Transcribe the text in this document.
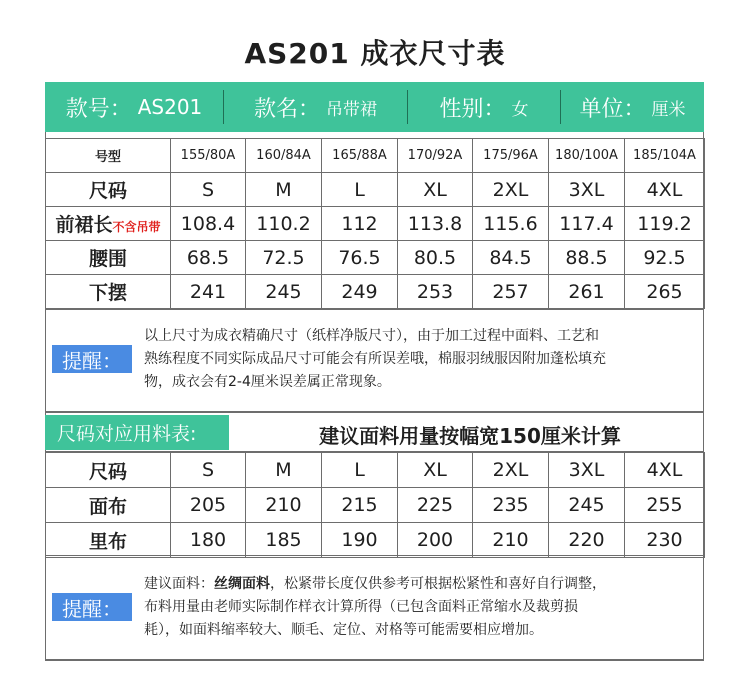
AS201 成衣尺寸表
款号： AS201 款名： 吊带裙	性别： 女 单位： 厘米
号型	155/80A	160/84A	165/88A	170/92A	175/96A	180/100A	185/104A
尺码	S	M	L	XL	2XL	3XL	4XL
前裙长不含吊带	108.4	110.2	112	113.8	115.6	117.4	119.2
腰围	68.5	72.5	76.5	80.5	84.5	88.5	92.5
下摆	241	245	249	253	257	261	265
提醒：
以上尺寸为成衣精确尺寸（纸样净版尺寸），由于加工过程中面料、工艺和
熟练程度不同实际成品尺寸可能会有所误差哦，棉服羽绒服因附加蓬松填充
物，成衣会有2-4厘米误差属正常现象。
尺码对应用料表:	建议面料用量按幅宽150厘米计算
尺码	S	M	L	XL	2XL	3XL	4XL
面布	205	210	215	225	235	245	255
里布	180	185	190	200	210	220	230
提醒：
建议面料：丝绸面料，松紧带长度仅供参考可根据松紧性和喜好自行调整，
布料用量由老师实际制作样衣计算所得（已包含面料正常缩水及裁剪损
耗），如面料缩率较大、顺毛、定位、对格等可能需要相应增加。
